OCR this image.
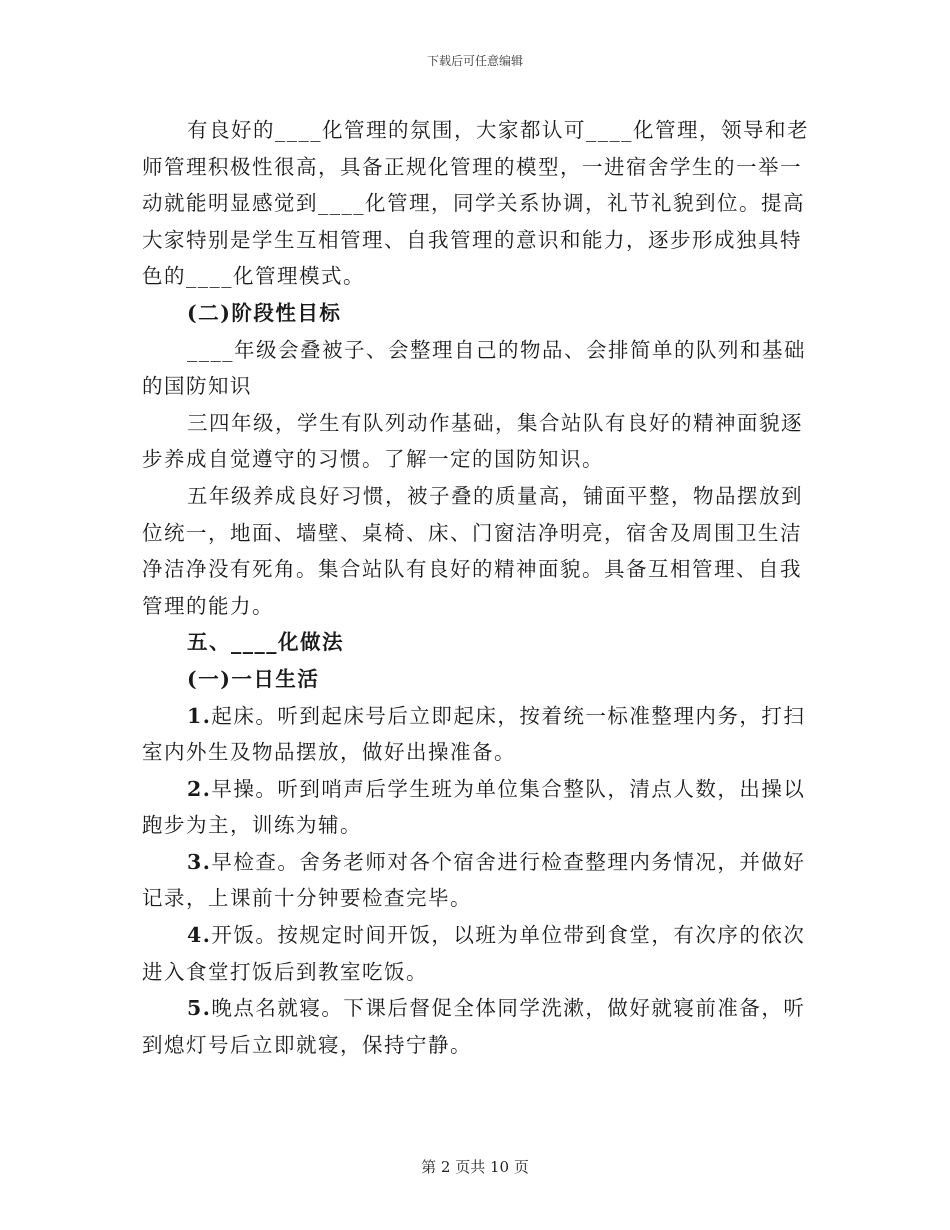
下载后可任意编辑
有良好的____化管理的氛围，大家都认可____化管理，领导和老
师管理积极性很高，具备正规化管理的模型，一进宿舍学生的一举一
动就能明显感觉到____化管理，同学关系协调，礼节礼貌到位。提高
大家特别是学生互相管理、自我管理的意识和能力，逐步形成独具特
色的____化管理模式。
(二)阶段性目标
____年级会叠被子、会整理自己的物品、会排简单的队列和基础
的国防知识
三四年级，学生有队列动作基础，集合站队有良好的精神面貌逐
步养成自觉遵守的习惯。了解一定的国防知识。
五年级养成良好习惯，被子叠的质量高，铺面平整，物品摆放到
位统一，地面、墙壁、桌椅、床、门窗洁净明亮，宿舍及周围卫生洁
净洁净没有死角。集合站队有良好的精神面貌。具备互相管理、自我
管理的能力。
五、____化做法
(一)一日生活
1.起床。听到起床号后立即起床，按着统一标准整理内务，打扫
室内外生及物品摆放，做好出操准备。
2.早操。听到哨声后学生班为单位集合整队，清点人数，出操以
跑步为主，训练为辅。
3.早检查。舍务老师对各个宿舍进行检查整理内务情况，并做好
记录，上课前十分钟要检查完毕。
4.开饭。按规定时间开饭，以班为单位带到食堂，有次序的依次
进入食堂打饭后到教室吃饭。
5.晚点名就寝。下课后督促全体同学洗漱，做好就寝前准备，听
到熄灯号后立即就寝，保持宁静。
第 2 页共 10 页
